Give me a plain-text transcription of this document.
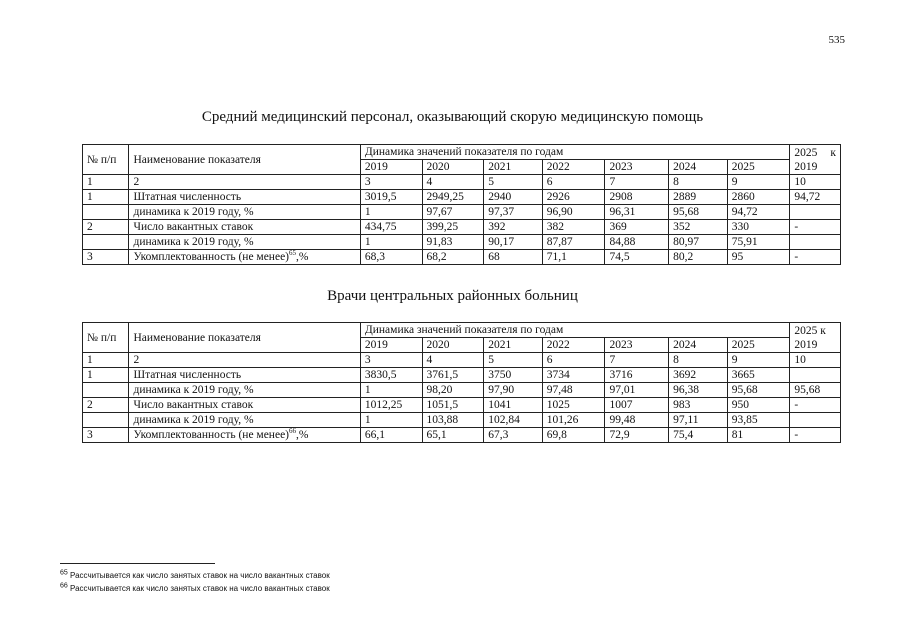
535
Средний медицинский персонал, оказывающий скорую медицинскую помощь
№ п/п	Наименование показателя	Динамика значений показателя по годам							2025 к
2019

		2019	2020	2021	2022	2023	2024	2025	
1	2	3	4	5	6	7	8	9	10
1	Штатная численность	3019,5	2949,25	2940	2926	2908	2889	2860	94,72
	динамика к 2019 году, %	1	97,67	97,37	96,90	96,31	95,68	94,72	
2	Число вакантных ставок	434,75	399,25	392	382	369	352	330	-
	динамика к 2019 году, %	1	91,83	90,17	87,87	84,88	80,97	75,91	
3	Укомплектованность (не менее)$^{65}$,%	68,3	68,2	68	71,1	74,5	80,2	95	-
Врачи центральных районных больниц
№ п/п	Наименование показателя	Динамика значений показателя по годам							2025 к
2019

		2019	2020	2021	2022	2023	2024	2025	
1	2	3	4	5	6	7	8	9	10
1	Штатная численность	3830,5	3761,5	3750	3734	3716	3692	3665	
	динамика к 2019 году, %	1	98,20	97,90	97,48	97,01	96,38	95,68	95,68
2	Число вакантных ставок	1012,25	1051,5	1041	1025	1007	983	950	-
	динамика к 2019 году, %	1	103,88	102,84	101,26	99,48	97,11	93,85	
3	Укомплектованность (не менее)$^{66}$,%	66,1	65,1	67,3	69,8	72,9	75,4	81	-
$^{65}$ Рассчитывается как число занятых ставок на число вакантных ставок
$^{66}$ Рассчитывается как число занятых ставок на число вакантных ставок
